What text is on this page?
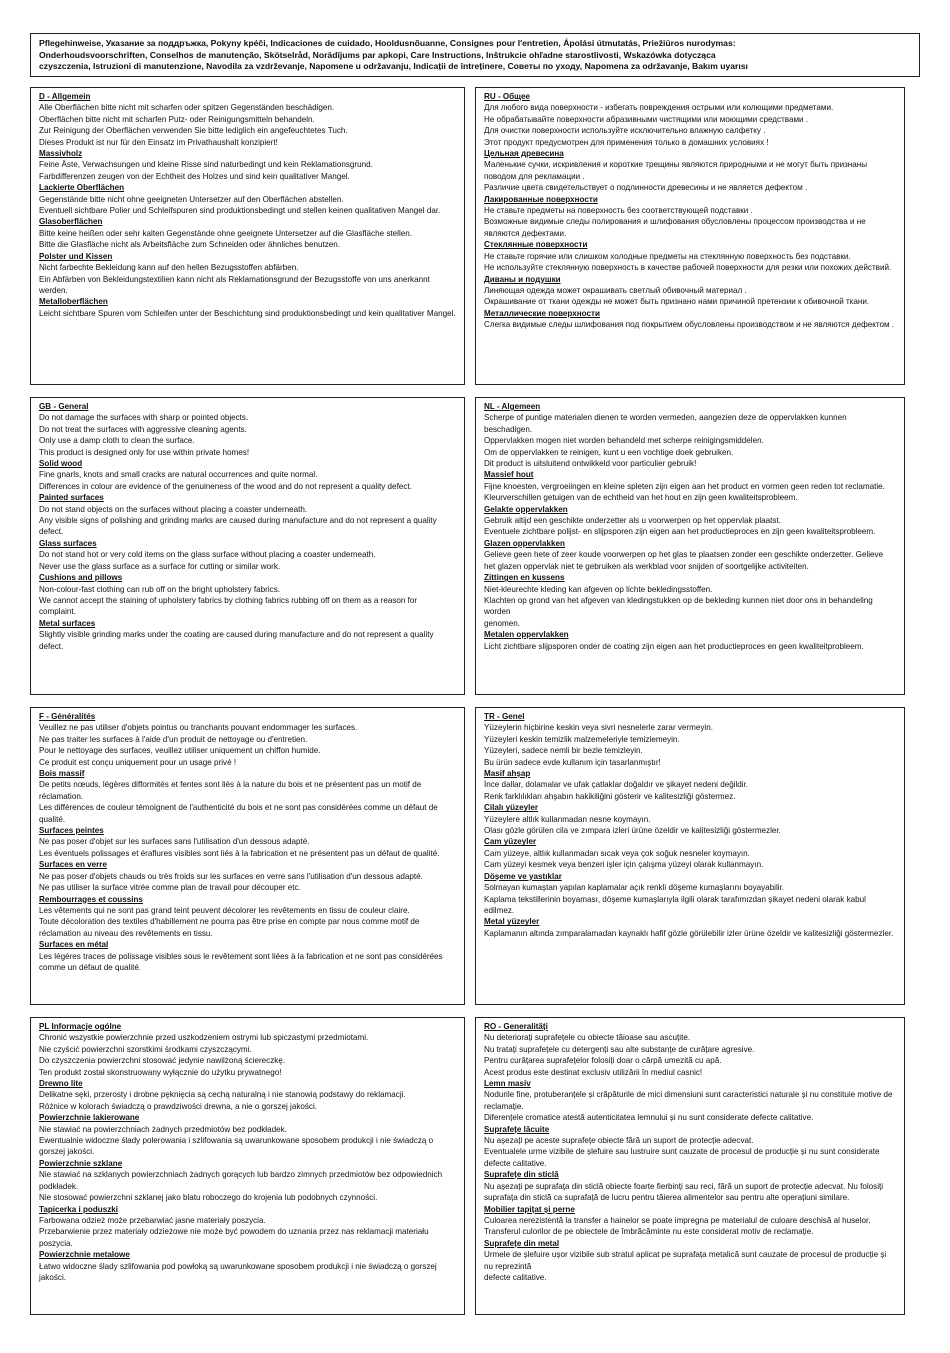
Pflegehinweise, Указание за поддръжка, Pokyny kpéči, Indicaciones de cuidado, Hooldusnõuanne, Consignes pour l'entretien, Ápolási útmutatás, Priežiūros nurodymas:
Onderhoudsvoorschriften, Conselhos de manutenção, Skötselråd, Norādījums par apkopi, Care Instructions, Inštrukcie ohľadne starostlivosti, Wskazówka dotycząca
czyszczenia, Istruzioni di manutenzione, Navodila za vzdrževanje, Napomene u održavanju, Indicații de întreținere, Советы по уходу, Napomena za održavanje, Bakım uyarısı
D - Allgemein
Alle Oberflächen bitte nicht mit scharfen oder spitzen Gegenständen beschädigen.
Oberflächen bitte nicht mit scharfen Putz- oder Reinigungsmitteln behandeln.
Zur Reinigung der Oberflächen verwenden Sie bitte lediglich ein angefeuchtetes Tuch.
Dieses Produkt ist nur für den Einsatz im Privathaushalt konzipiert!
Massivholz
Feine Äste, Verwachsungen und kleine Risse sind naturbedingt und kein Reklamationsgrund.
Farbdifferenzen zeugen von der Echtheit des Holzes und sind kein qualitativer Mangel.
Lackierte Oberflächen
Gegenstände bitte nicht ohne geeigneten Untersetzer auf den Oberflächen abstellen.
Eventuell sichtbare Polier und Schleifspuren sind produktionsbedingt und stellen keinen qualitativen Mangel dar.
Glasoberflächen
Bitte keine heißen oder sehr kalten Gegenstände ohne geeignete Untersetzer auf die Glasfläche stellen.
Bitte die Glasfläche nicht als Arbeitsfläche zum Schneiden oder ähnliches benutzen.
Polster und Kissen
Nicht farbechte Bekleidung kann auf den hellen Bezugsstoffen abfärben.
Ein Abfärben von Bekleidungstextilien kann nicht als Reklamationsgrund der Bezugsstoffe von uns anerkannt
werden.
Metalloberflächen
Leicht sichtbare Spuren vom Schleifen unter der Beschichtung sind produktionsbedingt und kein qualitativer Mangel.
RU - Общее
Для любого вида поверхности - избегать повреждения острыми или колющими предметами.
Не обрабатывайте поверхности абразивными чистящими или моющими средствами .
Для очистки поверхности используйте исключительно влажную салфетку .
Этот продукт предусмотрен для применения только в домашних условиях !
Цельная древесина
Маленькие сучки, искривления и короткие трещины являются природными и не могут быть признаны поводом для рекламации .
Различие цвета свидетельствует о подлинности древесины и не является дефектом .
Лакированные поверхности
Не ставьте предметы на поверхность без соответствующей подставки .
Возможные видимые следы полирования и шлифования обусловлены процессом производства и не являются дефектами.
Стеклянные поверхности
Не ставьте горячие или слишком холодные предметы на стеклянную поверхность без подставки.
Не используйте стеклянную поверхность в качестве рабочей поверхности для резки или похожих действий.
Диваны и подушки
Линяющая одежда может окрашивать светлый обивочный материал .
Окрашивание от ткани одежды не может быть признано нами причиной претензии к обивочной ткани.
Металлические поверхности
Слегка видимые следы шлифования под покрытием обусловлены производством и не являются дефектом .
GB - General
Do not damage the surfaces with sharp or pointed objects.
Do not treat the surfaces with aggressive cleaning agents.
Only use a damp cloth to clean the surface.
This product is designed only for use within private homes!
Solid wood
Fine gnarls, knots and small cracks are natural occurrences and quite normal.
Differences in colour are evidence of the genuineness of the wood and do not represent a quality defect.
Painted surfaces
Do not stand objects on the surfaces without placing a coaster underneath.
Any visible signs of polishing and grinding marks are caused during manufacture and do not represent a quality defect.
Glass surfaces
Do not stand hot or very cold items on the glass surface without placing a coaster underneath.
Never use the glass surface as a surface for cutting or similar work.
Cushions and pillows
Non-colour-fast clothing can rub off on the bright upholstery fabrics.
We cannot accept the staining of upholstery fabrics by clothing fabrics rubbing off on them as a reason for complaint.
Metal surfaces
Slightly visible grinding marks under the coating are caused during manufacture and do not represent a quality defect.
NL - Algemeen
Scherpe of puntige materialen dienen te worden vermeden, aangezien deze de oppervlakken kunnen beschadigen.
Oppervlakken mogen niet worden behandeld met scherpe reinigingsmiddelen.
Om de oppervlakken te reinigen, kunt u een vochtige doek gebruiken.
Dit product is uitsluitend ontwikkeld voor particulier gebruik!
Massief hout
Fijne knoesten, vergroeiingen en kleine spleten zijn eigen aan het product en vormen geen reden tot reclamatie. Kleurverschillen getuigen van de echtheid van het hout en zijn geen kwaliteitsprobleem.
Gelakte oppervlakken
Gebruik altijd een geschikte onderzetter als u voorwerpen op het oppervlak plaatst.
Eventuele zichtbare polijst- en slijpsporen zijn eigen aan het productieproces en zijn geen kwaliteitsprobleem.
Glazen oppervlakken
Gelieve geen hete of zeer koude voorwerpen op het glas te plaatsen zonder een geschikte onderzetter. Gelieve het glazen oppervlak niet te gebruiken als werkblad voor snijden of soortgelijke activiteiten.
Zittingen en kussens
Niet-kleurechte kleding kan afgeven op lichte bekledingsstoffen.
Klachten op grond van het afgeven van kledingstukken op de bekleding kunnen niet door ons in behandeling worden
genomen.
Metalen oppervlakken
Licht zichtbare slijpsporen onder de coating zijn eigen aan het productieproces en geen kwaliteitprobleem.
F - Généralités
Veuillez ne pas utiliser d'objets pointus ou tranchants pouvant endommager les surfaces.
Ne pas traiter les surfaces à l'aide d'un produit de nettoyage ou d'entretien.
Pour le nettoyage des surfaces, veuillez utiliser uniquement un chiffon humide.
Ce produit est conçu uniquement pour un usage privé !
Bois massif
De petits nœuds, légères difformités et fentes sont liés à la nature du bois et ne présentent pas un motif de réclamation.
Les différences de couleur témoignent de l'authenticité du bois et ne sont pas considérées comme un défaut de qualité.
Surfaces peintes
Ne pas poser d'objet sur les surfaces sans l'utilisation d'un dessous adapté.
Les éventuels polissages et éraflures visibles sont liés à la fabrication et ne présentent pas un défaut de qualité.
Surfaces en verre
Ne pas poser d'objets chauds ou très froids sur les surfaces en verre sans l'utilisation d'un dessous adapté.
Ne pas utiliser la surface vitrée comme plan de travail pour découper etc.
Rembourrages et coussins
Les vêtements qui ne sont pas grand teint peuvent décolorer les revêtements en tissu de couleur claire.
Toute décoloration des textiles d'habillement ne pourra pas être prise en compte par nous comme motif de réclamation au niveau des revêtements en tissu.
Surfaces en métal
Les légères traces de polissage visibles sous le revêtement sont liées à la fabrication et ne sont pas considérées comme un défaut de qualité.
TR - Genel
Yüzeylerin hiçbirine keskin veya sivri nesnelerle zarar vermeyin.
Yüzeyleri keskin temizlik malzemeleriyle temizlemeyin.
Yüzeyleri, sadece nemli bir bezle temizleyin.
Bu ürün sadece evde kullanım için tasarlanmıştır!
Masif ahşap
İnce dallar, dolamalar ve ufak çatlaklar doğaldır ve şikayet nedeni değildir.
Renk farklılıkları ahşabın hakikiliğini gösterir ve kalitesizliği göstermez.
Cilalı yüzeyler
Yüzeylere altlık kullanmadan nesne koymayın.
Olası gözle görülen cila ve zımpara izleri ürüne özeldir ve kalitesizliği göstermezler.
Cam yüzeyler
Cam yüzeye, altlık kullanmadan sıcak veya çok soğuk nesneler koymayın.
Cam yüzeyi kesmek veya benzeri işler için çalışma yüzeyi olarak kullanmayın.
Döşeme ve yastıklar
Solmayan kumaştan yapılan kaplamalar açık renkli döşeme kumaşlarını boyayabilir.
Kaplama tekstillerinin boyaması, döşeme kumaşlarıyla ilgili olarak tarafımızdan şikayet nedeni olarak kabul edilmez.
Metal yüzeyler
Kaplamanın altında zımparalamadan kaynaklı hafif gözle görülebilir izler ürüne özeldir ve kalitesizliği göstermezler.
PL Informacje ogólne
Chronić wszystkie powierzchnie przed uszkodzeniem ostrymi lub spiczastymi przedmiotami.
Nie czyścić powierzchni szorstkimi środkami czyszczącymi.
Do czyszczenia powierzchni stosować jedynie nawilżoną ściereczkę.
Ten produkt został skonstruowany wyłącznie do użytku prywatnego!
Drewno lite
Delikatne sęki, przerosty i drobne pęknięcia są cechą naturalną i nie stanowią podstawy do reklamacji.
Różnice w kolorach świadczą o prawdziwości drewna, a nie o gorszej jakości.
Powierzchnie lakierowane
Nie stawiać na powierzchniach żadnych przedmiotów bez podkładek.
Ewentualnie widoczne ślady polerowania i szlifowania są uwarunkowane sposobem produkcji i nie świadczą o gorszej jakości.
Powierzchnie szklane
Nie stawiać na szklanych powierzchniach żadnych gorących lub bardzo zimnych przedmiotów bez odpowiednich podkładek.
Nie stosować powierzchni szklanej jako blatu roboczego do krojenia lub podobnych czynności.
Tapicerka i poduszki
Farbowana odzież może przebarwiać jasne materiały poszycia.
Przebarwienie przez materiały odzieżowe nie może być powodem do uznania przez nas reklamacji materiału poszycia.
Powierzchnie metalowe
Łatwo widoczne ślady szlifowania pod powłoką są uwarunkowane sposobem produkcji i nie świadczą o gorszej jakości.
RO - Generalități
Nu deteriorați suprafețele cu obiecte tăioase sau ascuțite.
Nu tratați suprafețele cu detergenți sau alte substanțe de curățare agresive.
Pentru curățarea suprafețelor folosiți doar o cârpă umezită cu apă.
Acest produs este destinat exclusiv utilizării în mediul casnic!
Lemn masiv
Nodurile fine, protuberanțele și crăpăturile de mici dimensiuni sunt caracteristici naturale și nu constituie motive de reclamație.
Diferențele cromatice atestă autenticitatea lemnului și nu sunt considerate defecte calitative.
Suprafețe lăcuite
Nu așezați pe aceste suprafețe obiecte fără un suport de protecție adecvat.
Eventualele urme vizibile de șlefuire sau lustruire sunt cauzate de procesul de producție și nu sunt considerate defecte calitative.
Suprafețe din sticlă
Nu așezați pe suprafața din sticlă obiecte foarte fierbinți sau reci, fără un suport de protecție adecvat. Nu folosiți suprafața din sticlă ca suprafață de lucru pentru tăierea alimentelor sau pentru alte operațiuni similare.
Mobilier tapițat și perne
Culoarea nerezistentă la transfer a hainelor se poate impregna pe materialul de culoare deschisă al huselor. Transferul culorilor de pe obiectele de îmbrăcăminte nu este considerat motiv de reclamație.
Suprafețe din metal
Urmele de șlefuire ușor vizibile sub stratul aplicat pe suprafața metalică sunt cauzate de procesul de producție și nu reprezintă
defecte calitative.
